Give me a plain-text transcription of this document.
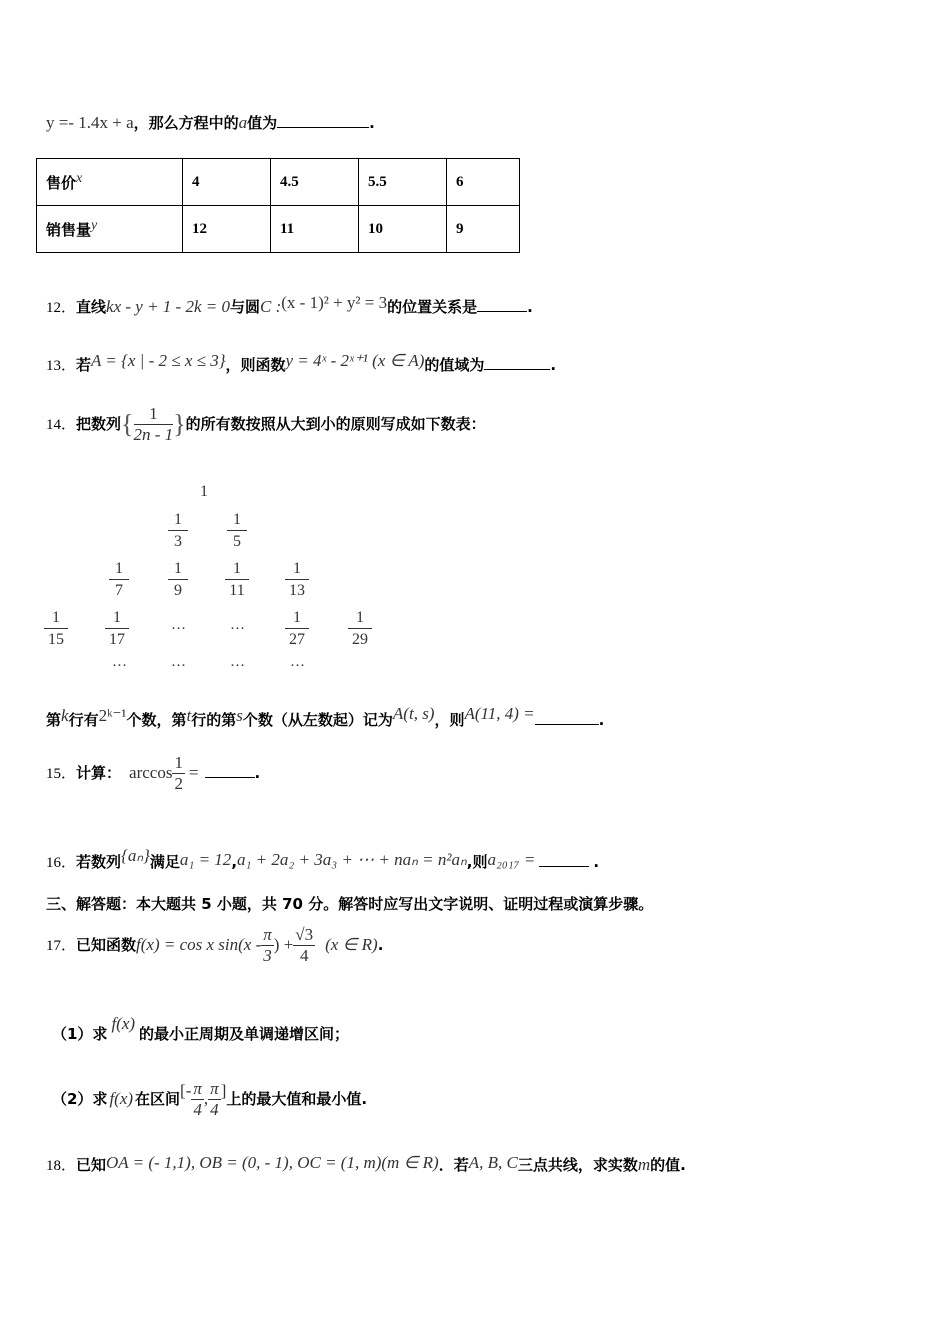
y =- 1.4x + a，那么方程中的a值为	.
售价x	4	4.5	5.5	6
销售量y	12	11	10	9
12．直线kx - y + 1 - 2k = 0与圆C :(x - 1)² + y² = 3的位置关系是	.
13．若A = {x | - 2 ≤ x ≤ 3}，则函数y = 4ˣ - 2ˣ⁺¹ (x ∈ A)的值域为	.
14．把数列{ $\frac{1}{2n - 1}$ }的所有数按照从大到小的原则写成如下数表：
1
$\frac{1}{3} \frac{1}{5}$
$\frac{1}{7} \frac{1}{9} \frac{1}{11} \frac{1}{13}$
$\frac{1}{15} \frac{1}{17}$	…	…	$\frac{1}{27} \frac{1}{29}$
…	…	…	…
第k行有2ᵏ⁻¹个数，第t行的第s个数（从左数起）记为A(t, s)，则A(11, 4) =	.
15．计算： $\arccos \frac{1}{2}$ =	.
16．若数列{aₙ}满足a₁ = 12,a₁ + 2a₂ + 3a₃ + ⋯ + naₙ = n²aₙ,则a₂₀₁₇ =	.
三、解答题：本大题共 5 小题，共 70 分。解答时应写出文字说明、证明过程或演算步骤。
17．已知函数f(x) = cos x $\sin(x - \frac{\pi}{3}$ ) + $\frac{√3}{4} (x$ ∈ R).
（1）求f(x)的最小正周期及单调递增区间；
（2）求 f(x) 在区间[- $\frac{\pi}{4}$ , $\frac{\pi}{4}$ ]上的最大值和最小值.
18．已知OA = (- 1,1), OB = (0, - 1), OC = (1, m)(m ∈ R)．若A, B, C三点共线，求实数m的值.
